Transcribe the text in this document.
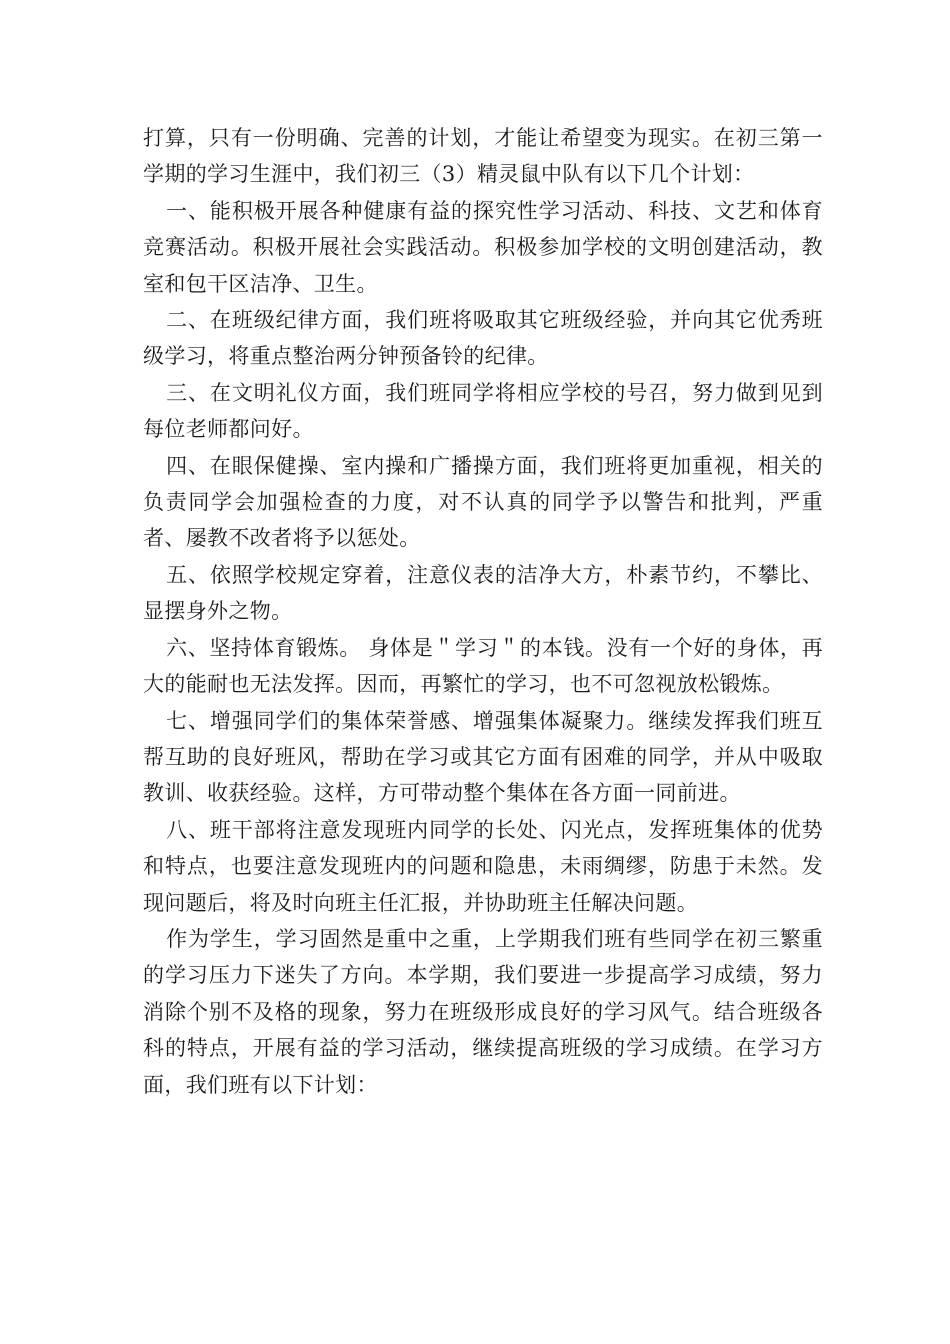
打算，只有一份明确、完善的计划，才能让希望变为现实。在初三第一学期的学习生涯中，我们初三（3）精灵鼠中队有以下几个计划：

一、能积极开展各种健康有益的探究性学习活动、科技、文艺和体育竞赛活动。积极开展社会实践活动。积极参加学校的文明创建活动，教室和包干区洁净、卫生。

二、在班级纪律方面，我们班将吸取其它班级经验，并向其它优秀班级学习，将重点整治两分钟预备铃的纪律。

三、在文明礼仪方面，我们班同学将相应学校的号召，努力做到见到每位老师都问好。

四、在眼保健操、室内操和广播操方面，我们班将更加重视，相关的负责同学会加强检查的力度，对不认真的同学予以警告和批判，严重者、屡教不改者将予以惩处。

五、依照学校规定穿着，注意仪表的洁净大方，朴素节约，不攀比、显摆身外之物。

六、坚持体育锻炼。 身体是＂学习＂的本钱。没有一个好的身体，再大的能耐也无法发挥。因而，再繁忙的学习，也不可忽视放松锻炼。

七、增强同学们的集体荣誉感、增强集体凝聚力。继续发挥我们班互帮互助的良好班风，帮助在学习或其它方面有困难的同学，并从中吸取教训、收获经验。这样，方可带动整个集体在各方面一同前进。

八、班干部将注意发现班内同学的长处、闪光点，发挥班集体的优势和特点，也要注意发现班内的问题和隐患，未雨绸缪，防患于未然。发现问题后，将及时向班主任汇报，并协助班主任解决问题。

作为学生，学习固然是重中之重，上学期我们班有些同学在初三繁重的学习压力下迷失了方向。本学期，我们要进一步提高学习成绩，努力消除个别不及格的现象，努力在班级形成良好的学习风气。结合班级各科的特点，开展有益的学习活动，继续提高班级的学习成绩。在学习方面，我们班有以下计划：
